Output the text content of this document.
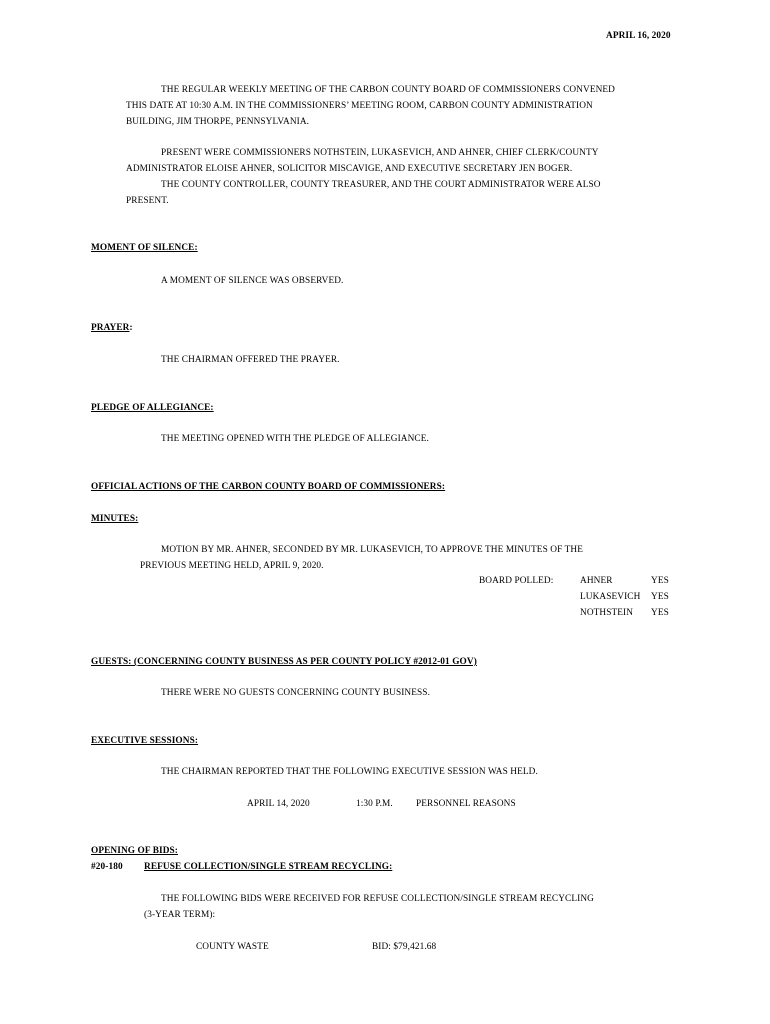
APRIL 16, 2020
THE REGULAR WEEKLY MEETING OF THE CARBON COUNTY BOARD OF COMMISSIONERS CONVENED
THIS DATE AT 10:30 A.M. IN THE COMMISSIONERS’ MEETING ROOM, CARBON COUNTY ADMINISTRATION
BUILDING, JIM THORPE, PENNSYLVANIA.
PRESENT WERE COMMISSIONERS NOTHSTEIN, LUKASEVICH, AND AHNER, CHIEF CLERK/COUNTY
ADMINISTRATOR ELOISE AHNER, SOLICITOR MISCAVIGE, AND EXECUTIVE SECRETARY JEN BOGER.
THE COUNTY CONTROLLER, COUNTY TREASURER, AND THE COURT ADMINISTRATOR WERE ALSO
PRESENT.
MOMENT OF SILENCE:
A MOMENT OF SILENCE WAS OBSERVED.
PRAYER:
THE CHAIRMAN OFFERED THE PRAYER.
PLEDGE OF ALLEGIANCE:
THE MEETING OPENED WITH THE PLEDGE OF ALLEGIANCE.
OFFICIAL ACTIONS OF THE CARBON COUNTY BOARD OF COMMISSIONERS:
MINUTES:
MOTION BY MR. AHNER, SECONDED BY MR. LUKASEVICH, TO APPROVE THE MINUTES OF THE
PREVIOUS MEETING HELD, APRIL 9, 2020.
BOARD POLLED:	AHNER	YES
LUKASEVICH YES
NOTHSTEIN YES
GUESTS: (CONCERNING COUNTY BUSINESS AS PER COUNTY POLICY #2012-01 GOV)
THERE WERE NO GUESTS CONCERNING COUNTY BUSINESS.
EXECUTIVE SESSIONS:
THE CHAIRMAN REPORTED THAT THE FOLLOWING EXECUTIVE SESSION WAS HELD.
APRIL 14, 2020	1:30 P.M. PERSONNEL REASONS
OPENING OF BIDS:
#20-180 REFUSE COLLECTION/SINGLE STREAM RECYCLING:
THE FOLLOWING BIDS WERE RECEIVED FOR REFUSE COLLECTION/SINGLE STREAM RECYCLING
(3-YEAR TERM):
COUNTY WASTE	BID: $79,421.68
